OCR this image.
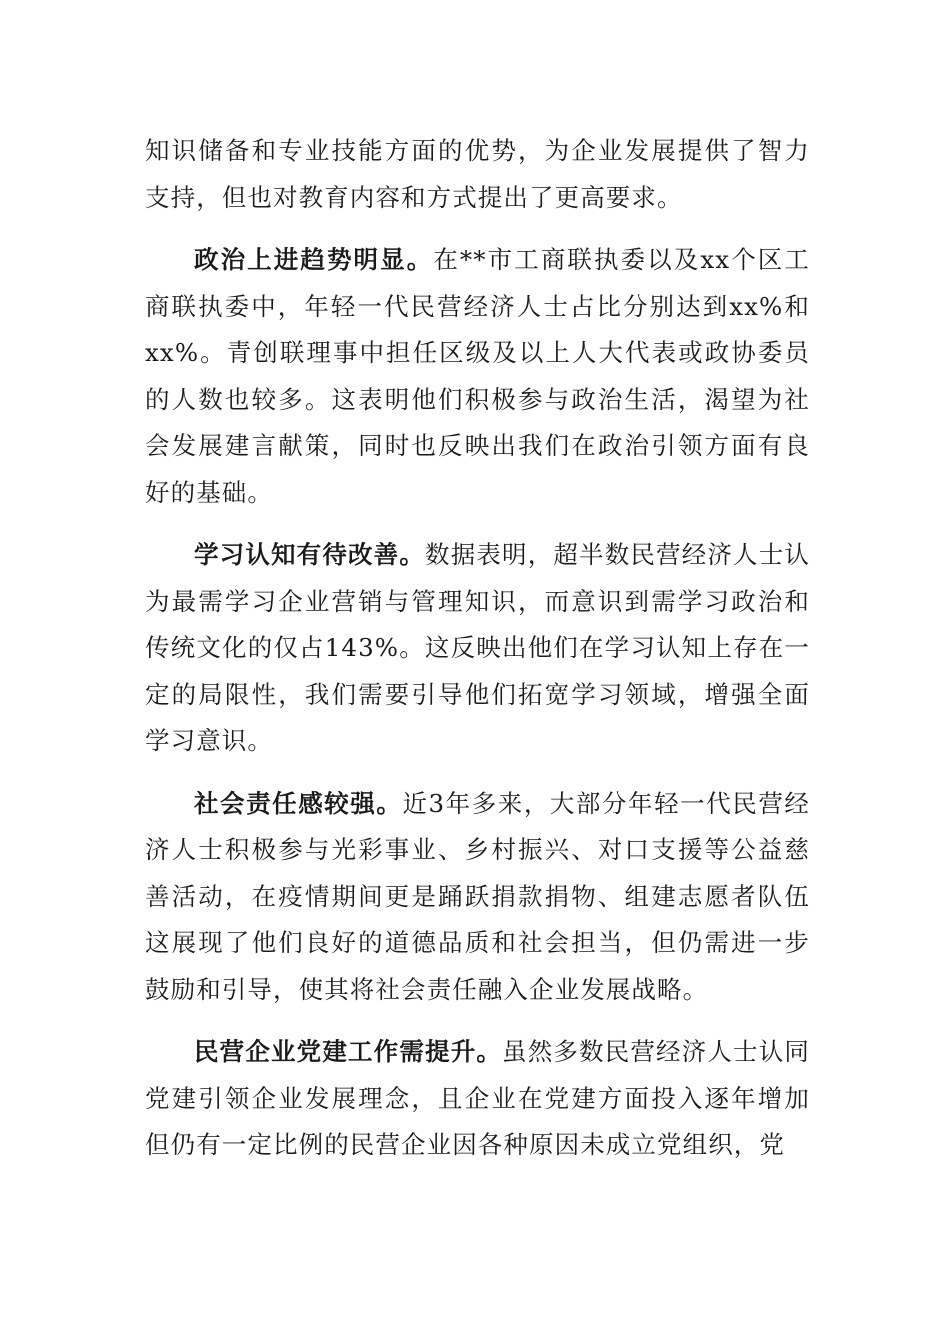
知识储备和专业技能方面的优势，为企业发展提供了智力支持，但也对教育内容和方式提出了更高要求。

政治上进趋势明显。在**市工商联执委以及xx个区工商联执委中，年轻一代民营经济人士占比分别达到xx%和xx%。青创联理事中担任区级及以上人大代表或政协委员的人数也较多。这表明他们积极参与政治生活，渴望为社会发展建言献策，同时也反映出我们在政治引领方面有良好的基础。

学习认知有待改善。数据表明，超半数民营经济人士认为最需学习企业营销与管理知识，而意识到需学习政治和传统文化的仅占143%。这反映出他们在学习认知上存在一定的局限性，我们需要引导他们拓宽学习领域，增强全面学习意识。

社会责任感较强。近3年多来，大部分年轻一代民营经济人士积极参与光彩事业、乡村振兴、对口支援等公益慈善活动，在疫情期间更是踊跃捐款捐物、组建志愿者队伍这展现了他们良好的道德品质和社会担当，但仍需进一步鼓励和引导，使其将社会责任融入企业发展战略。

民营企业党建工作需提升。虽然多数民营经济人士认同党建引领企业发展理念，且企业在党建方面投入逐年增加但仍有一定比例的民营企业因各种原因未成立党组织，党
